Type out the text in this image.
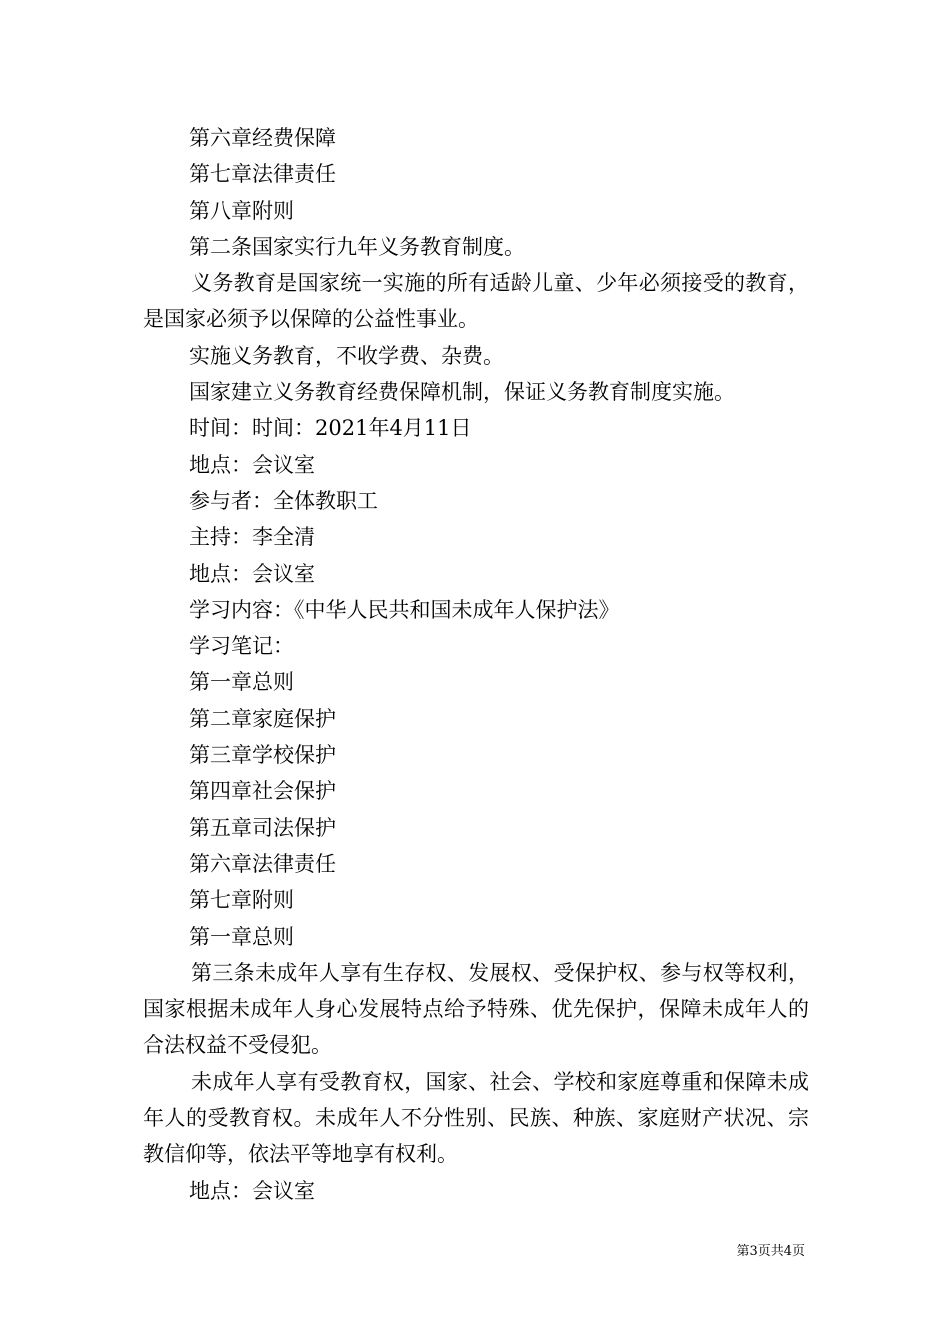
第六章经费保障

第七章法律责任

第八章附则

第二条国家实行九年义务教育制度。

义务教育是国家统一实施的所有适龄儿童、少年必须接受的教育，是国家必须予以保障的公益性事业。

实施义务教育，不收学费、杂费。

国家建立义务教育经费保障机制，保证义务教育制度实施。

时间：时间：2021年4月11日

地点：会议室

参与者：全体教职工

主持：李全清

地点：会议室

学习内容：《中华人民共和国未成年人保护法》

学习笔记：

第一章总则

第二章家庭保护

第三章学校保护

第四章社会保护

第五章司法保护

第六章法律责任

第七章附则

第一章总则

第三条未成年人享有生存权、发展权、受保护权、参与权等权利，国家根据未成年人身心发展特点给予特殊、优先保护，保障未成年人的合法权益不受侵犯。

未成年人享有受教育权，国家、社会、学校和家庭尊重和保障未成年人的受教育权。未成年人不分性别、民族、种族、家庭财产状况、宗教信仰等，依法平等地享有权利。

地点：会议室

第3页共4页
